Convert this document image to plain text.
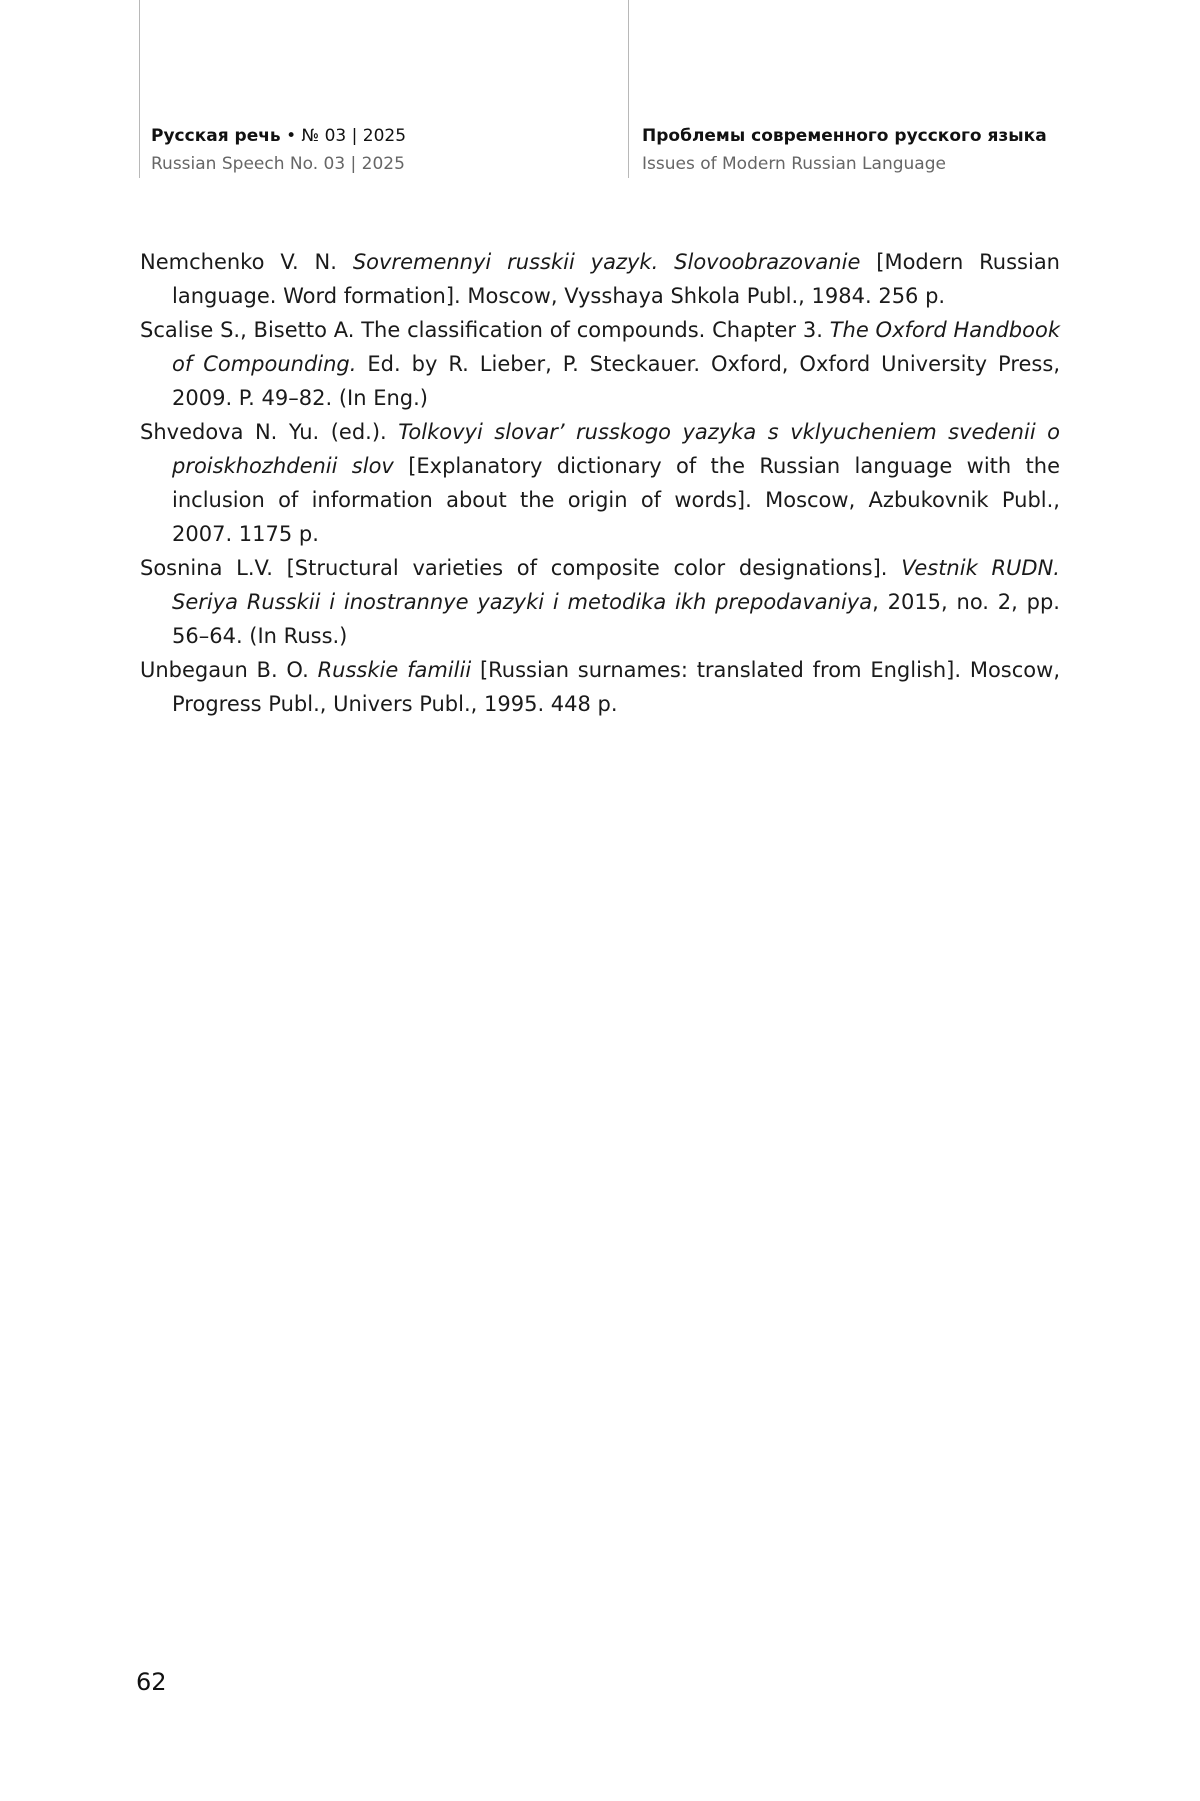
Русская речь • № 03 | 2025
Russian Speech No. 03 | 2025
Проблемы современного русского языка
Issues of Modern Russian Language

Nemchenko V. N. Sovremennyi russkii yazyk. Slovoobrazovanie [Modern Russian language. Word formation]. Moscow, Vysshaya Shkola Publ., 1984. 256 p.

Scalise S., Bisetto A. The classification of compounds. Chapter 3. The Oxford Handbook of Compounding. Ed. by R. Lieber, P. Steckauer. Oxford, Oxford University Press, 2009. P. 49–82. (In Eng.)

Shvedova N. Yu. (ed.). Tolkovyi slovar’ russkogo yazyka s vklyucheniem svedenii o proiskhozhdenii slov [Explanatory dictionary of the Russian language with the inclusion of information about the origin of words]. Moscow, Azbukovnik Publ., 2007. 1175 p.

Sosnina L.V. [Structural varieties of composite color designations]. Vestnik RUDN. Seriya Russkii i inostrannye yazyki i metodika ikh prepodavaniya, 2015, no. 2, pp. 56–64. (In Russ.)

Unbegaun B. O. Russkie familii [Russian surnames: translated from English]. Moscow, Progress Publ., Univers Publ., 1995. 448 p.

62
